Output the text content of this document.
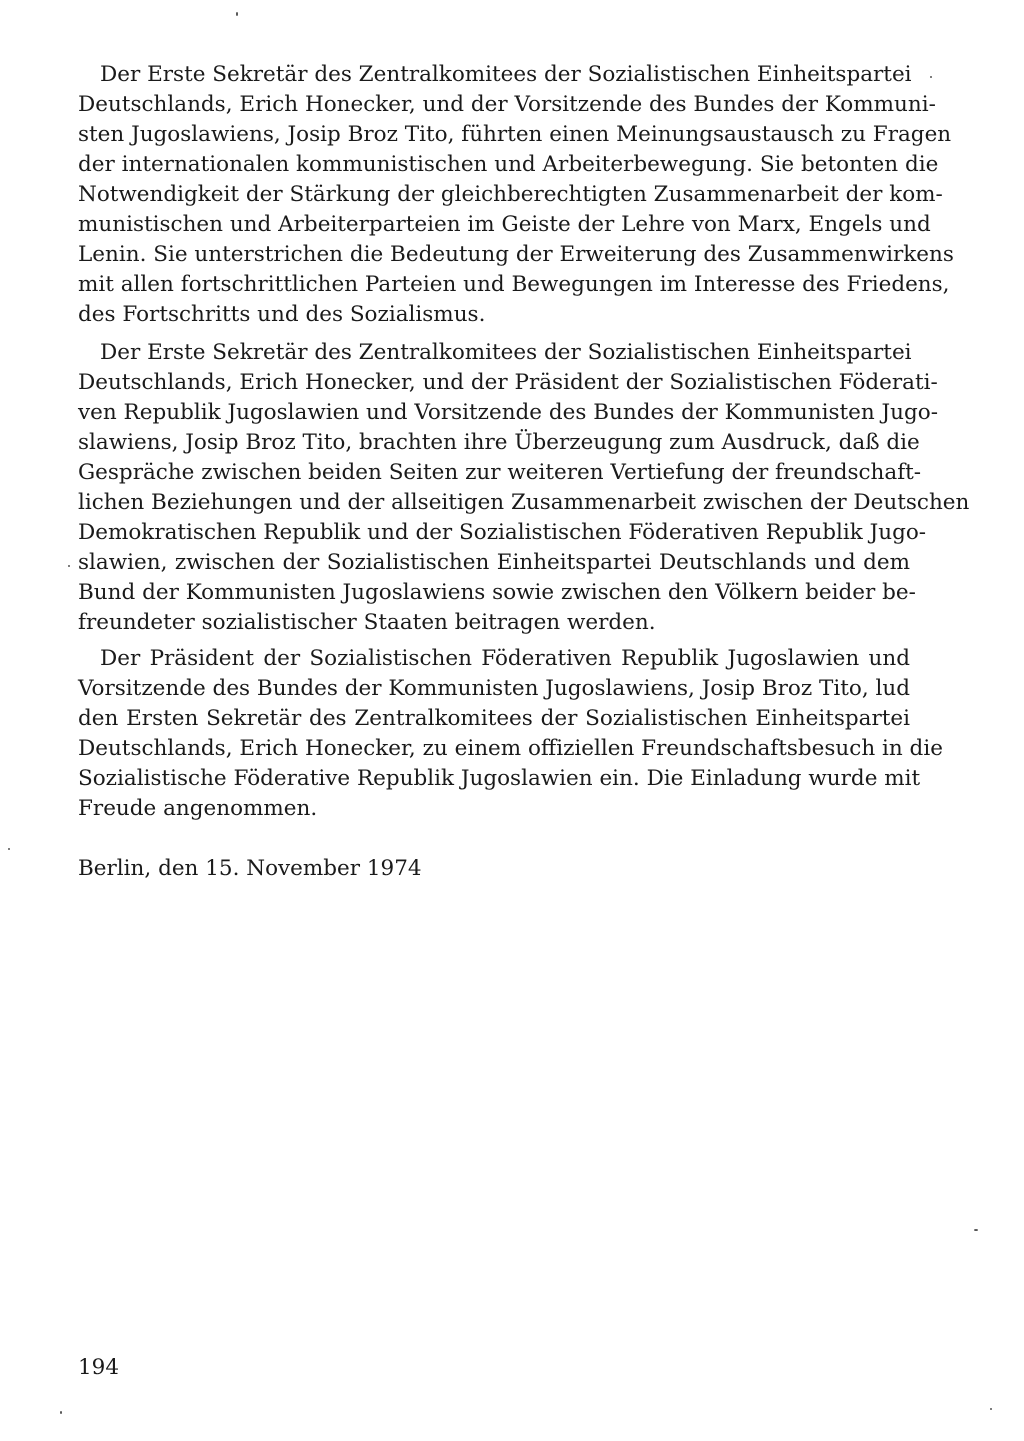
Der Erste Sekretär des Zentralkomitees der Sozialistischen Einheitspartei
Deutschlands, Erich Honecker, und der Vorsitzende des Bundes der Kommuni-
sten Jugoslawiens, Josip Broz Tito, führten einen Meinungsaustausch zu Fragen
der internationalen kommunistischen und Arbeiterbewegung. Sie betonten die
Notwendigkeit der Stärkung der gleichberechtigten Zusammenarbeit der kom-
munistischen und Arbeiterparteien im Geiste der Lehre von Marx, Engels und
Lenin. Sie unterstrichen die Bedeutung der Erweiterung des Zusammenwirkens
mit allen fortschrittlichen Parteien und Bewegungen im Interesse des Friedens,
des Fortschritts und des Sozialismus.
Der Erste Sekretär des Zentralkomitees der Sozialistischen Einheitspartei
Deutschlands, Erich Honecker, und der Präsident der Sozialistischen Föderati-
ven Republik Jugoslawien und Vorsitzende des Bundes der Kommunisten Jugo-
slawiens, Josip Broz Tito, brachten ihre Überzeugung zum Ausdruck, daß die
Gespräche zwischen beiden Seiten zur weiteren Vertiefung der freundschaft-
lichen Beziehungen und der allseitigen Zusammenarbeit zwischen der Deutschen
Demokratischen Republik und der Sozialistischen Föderativen Republik Jugo-
slawien, zwischen der Sozialistischen Einheitspartei Deutschlands und dem
Bund der Kommunisten Jugoslawiens sowie zwischen den Völkern beider be-
freundeter sozialistischer Staaten beitragen werden.
Der Präsident der Sozialistischen Föderativen Republik Jugoslawien und
Vorsitzende des Bundes der Kommunisten Jugoslawiens, Josip Broz Tito, lud
den Ersten Sekretär des Zentralkomitees der Sozialistischen Einheitspartei
Deutschlands, Erich Honecker, zu einem offiziellen Freundschaftsbesuch in die
Sozialistische Föderative Republik Jugoslawien ein. Die Einladung wurde mit
Freude angenommen.

Berlin, den 15. November 1974

194
